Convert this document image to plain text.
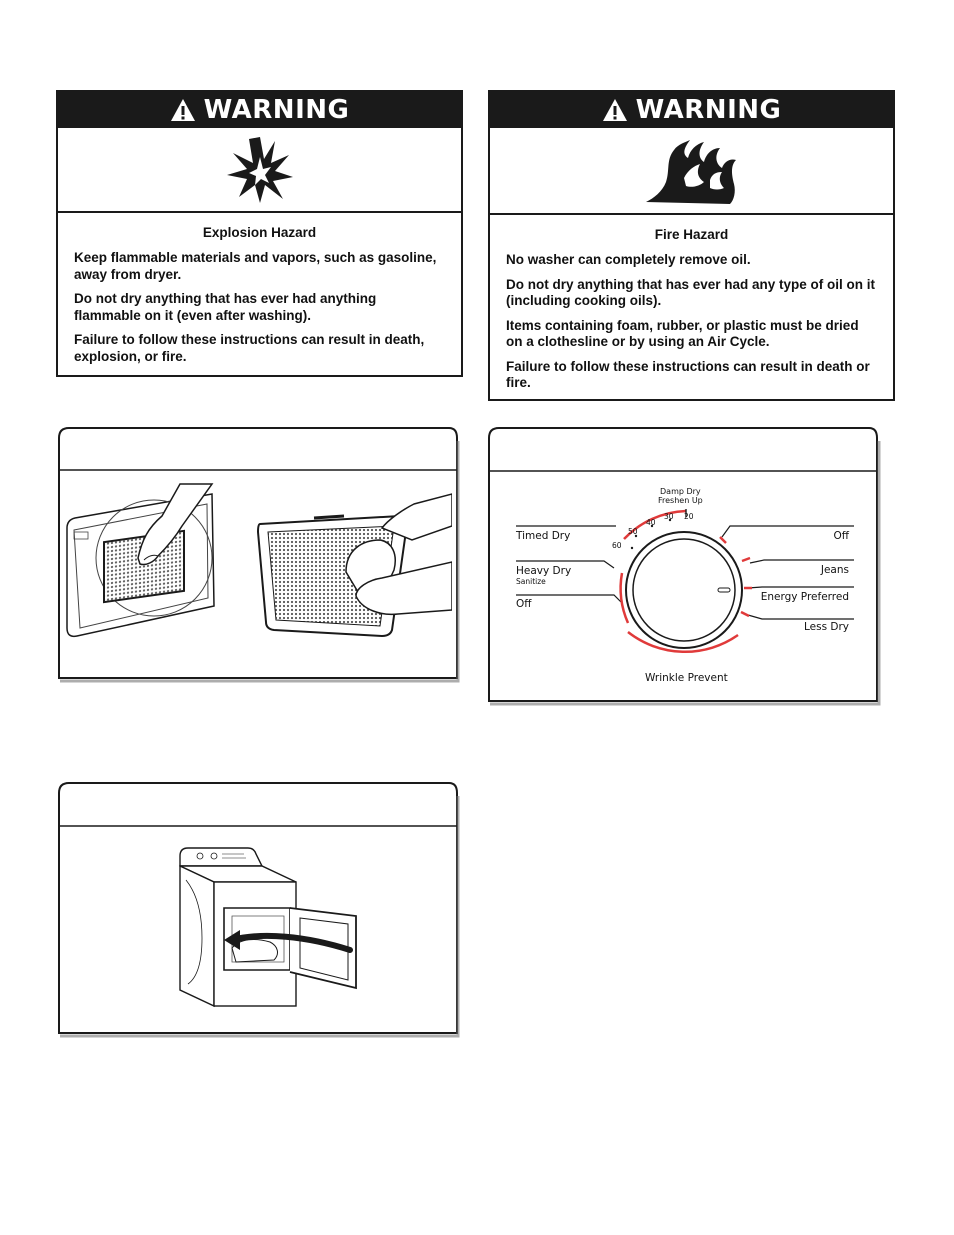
WARNING
Explosion Hazard

Keep flammable materials and vapors, such as gasoline, away from dryer.

Do not dry anything that has ever had anything flammable on it (even after washing).

Failure to follow these instructions can result in death, explosion, or fire.

WARNING
Fire Hazard

No washer can completely remove oil.

Do not dry anything that has ever had any type of oil on it (including cooking oils).

Items containing foam, rubber, or plastic must be dried on a clothesline or by using an Air Cycle.

Failure to follow these instructions can result in death or fire.

Damp Dry
Freshen Up
60
50
40
30 20
Timed Dry
Heavy Dry
Sanitize
Off
Off
Jeans
Energy Preferred
Less Dry
Wrinkle Prevent
